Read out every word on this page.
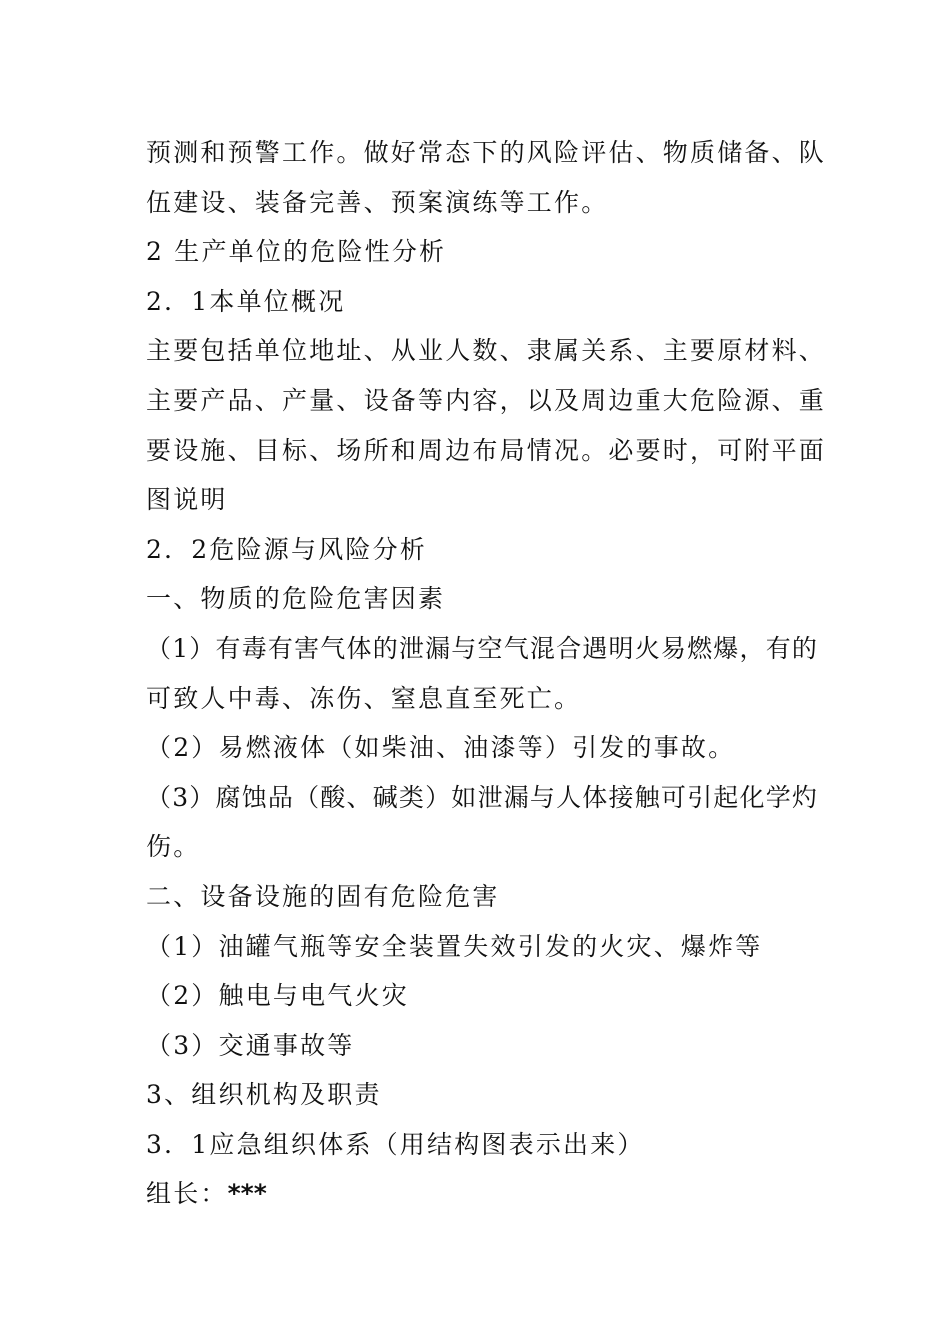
预测和预警工作。做好常态下的风险评估、物质储备、队
伍建设、装备完善、预案演练等工作。
2 生产单位的危险性分析
2．1本单位概况
主要包括单位地址、从业人数、隶属关系、主要原材料、
主要产品、产量、设备等内容，以及周边重大危险源、重
要设施、目标、场所和周边布局情况。必要时，可附平面
图说明
2．2危险源与风险分析
一、物质的危险危害因素
（1）有毒有害气体的泄漏与空气混合遇明火易燃爆，有的
可致人中毒、冻伤、窒息直至死亡。
（2）易燃液体（如柴油、油漆等）引发的事故。
（3）腐蚀品（酸、碱类）如泄漏与人体接触可引起化学灼
伤。
二、设备设施的固有危险危害
（1）油罐气瓶等安全装置失效引发的火灾、爆炸等
（2）触电与电气火灾
（3）交通事故等
3、组织机构及职责
3．1应急组织体系（用结构图表示出来）
组长：***
